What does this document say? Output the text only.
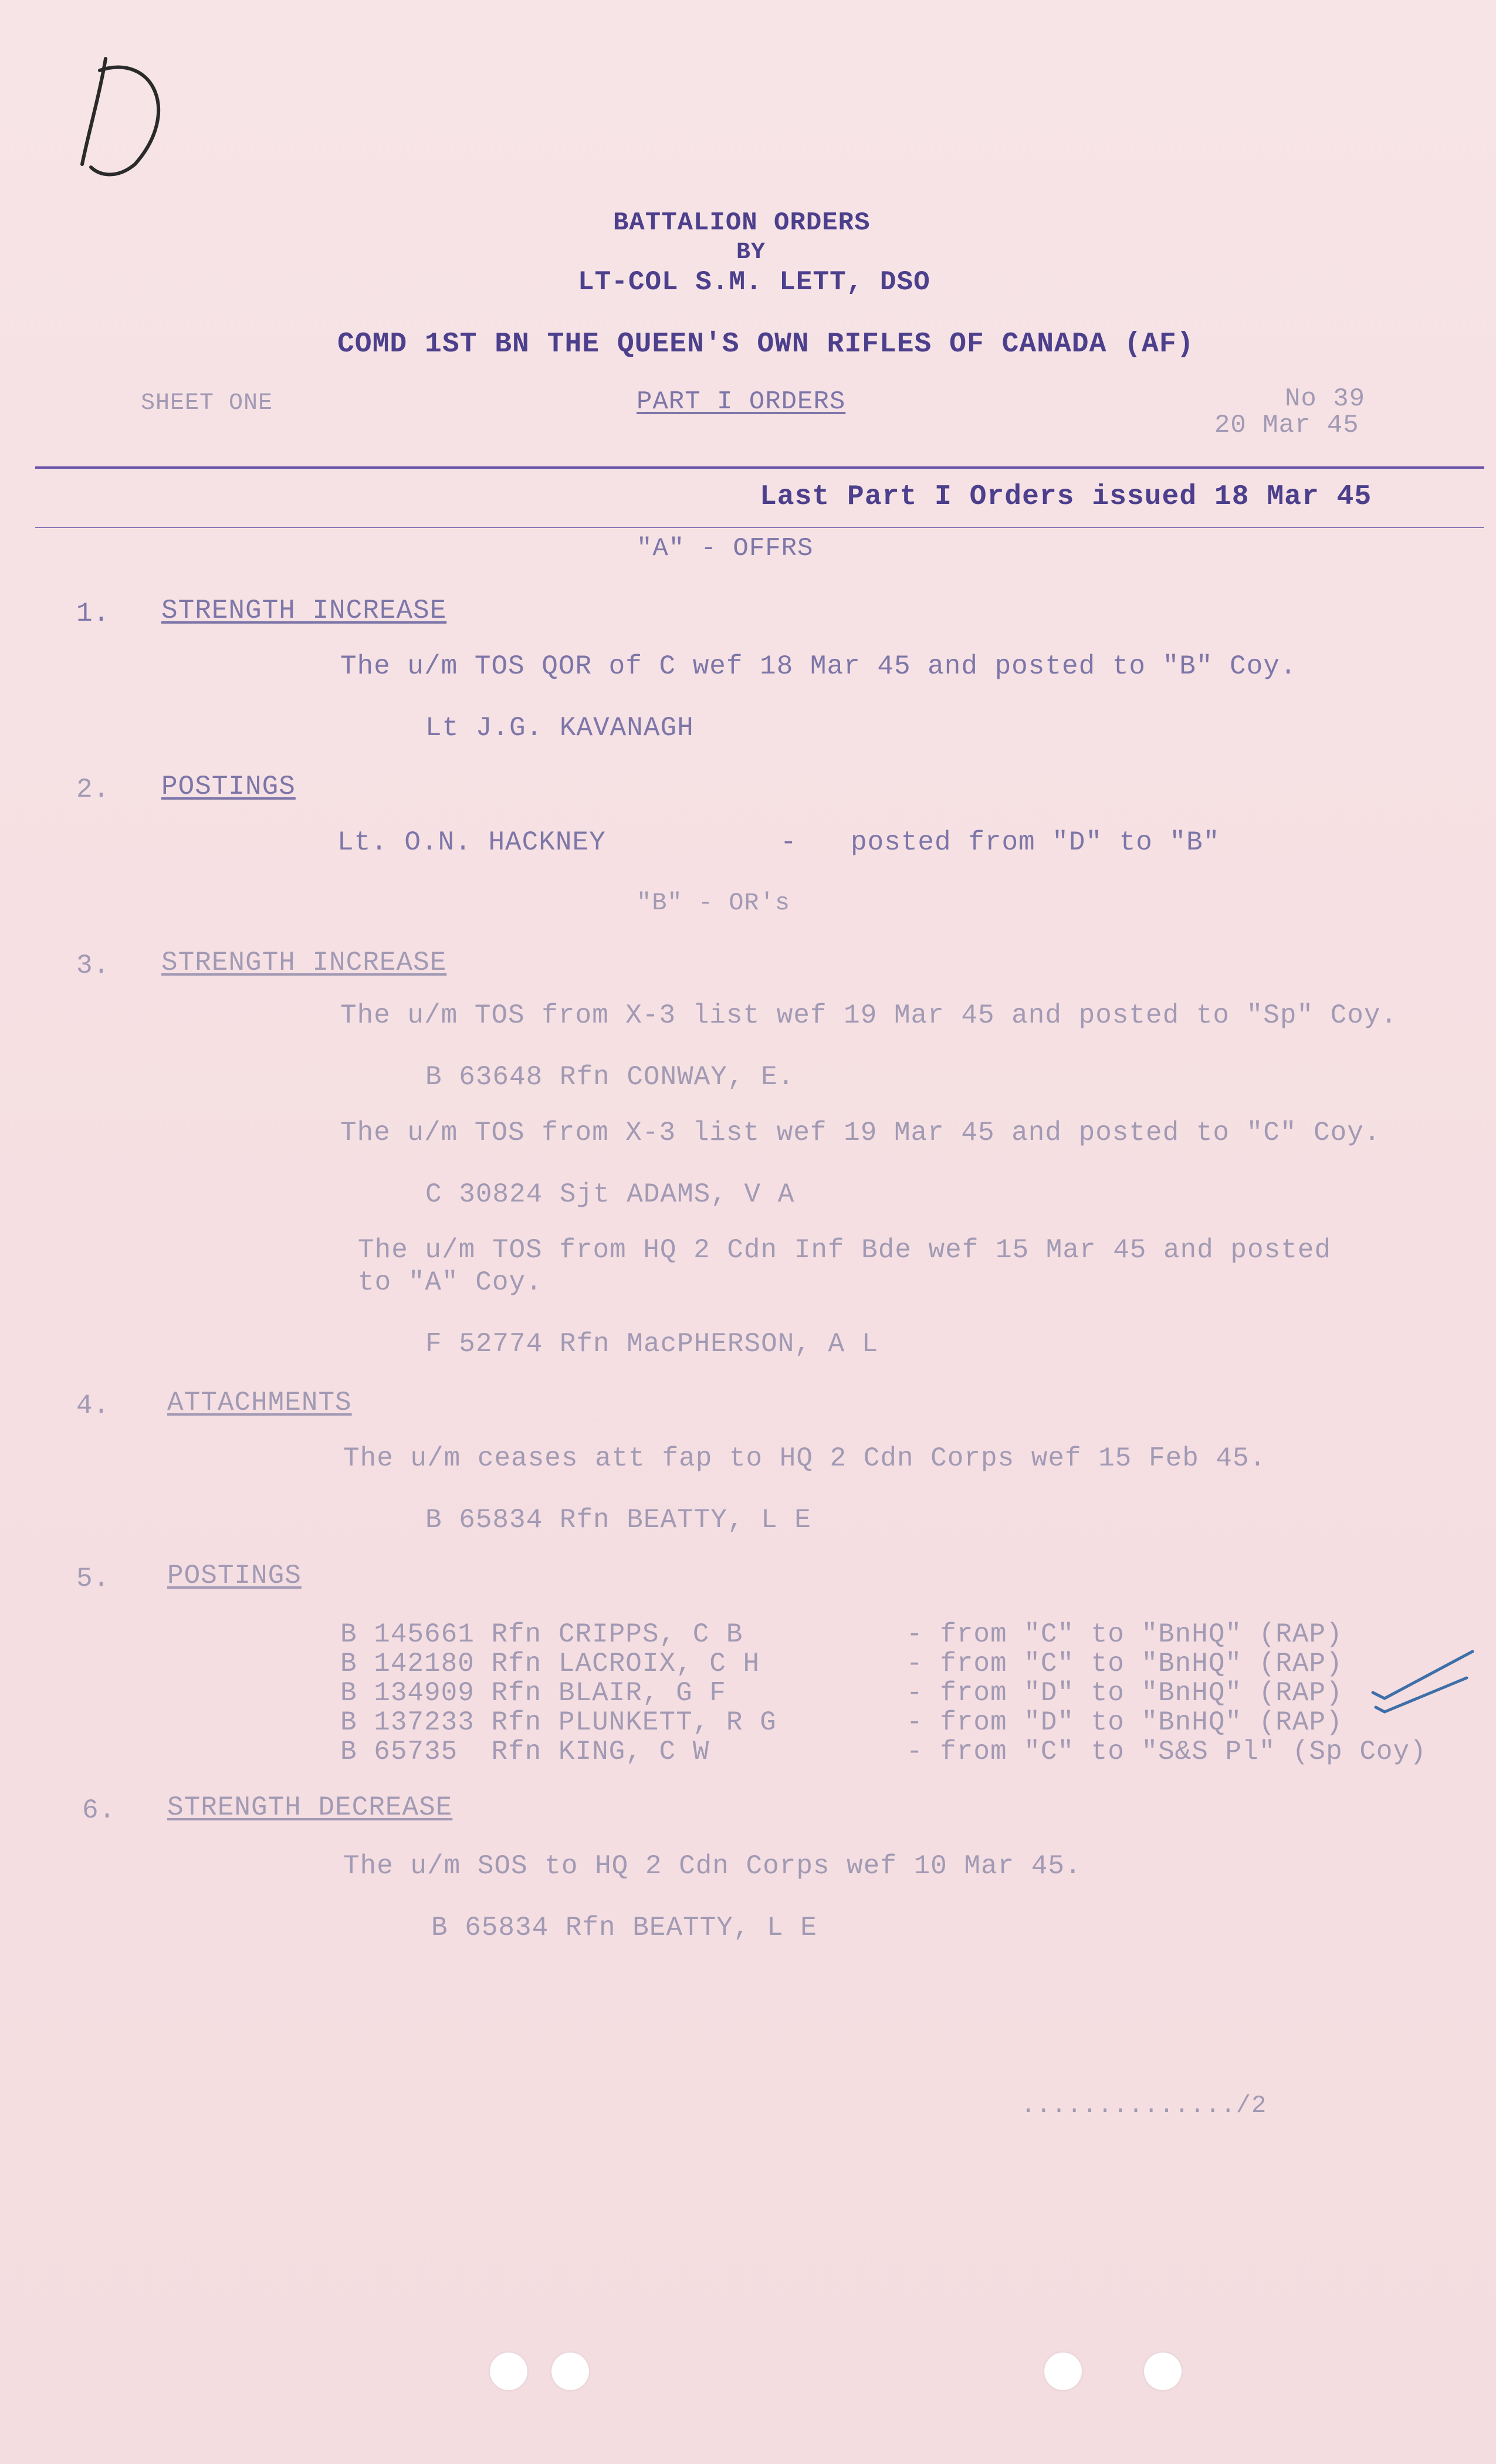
BATTALION ORDERS
BY
LT-COL S.M. LETT, DSO
COMD 1ST BN THE QUEEN'S OWN RIFLES OF CANADA (AF)
SHEET ONE	PART I ORDERS	No 39
20 Mar 45
Last Part I Orders issued 18 Mar 45
"A" - OFFRS
1. STRENGTH INCREASE
The u/m TOS QOR of C wef 18 Mar 45 and posted to "B" Coy.
Lt J.G. KAVANAGH
2. POSTINGS
Lt. O.N. HACKNEY	- posted from "D" to "B"
"B" - OR's
3. STRENGTH INCREASE
The u/m TOS from X-3 list wef 19 Mar 45 and posted to "Sp" Coy.
B 63648 Rfn CONWAY, E.
The u/m TOS from X-3 list wef 19 Mar 45 and posted to "C" Coy.
C 30824 Sjt ADAMS, V A
The u/m TOS from HQ 2 Cdn Inf Bde wef 15 Mar 45 and posted
to "A" Coy.
F 52774 Rfn MacPHERSON, A L
4. ATTACHMENTS
The u/m ceases att fap to HQ 2 Cdn Corps wef 15 Feb 45.
B 65834 Rfn BEATTY, L E
5. POSTINGS
B 145661 Rfn CRIPPS, C B	- from "C" to "BnHQ" (RAP)
B 142180 Rfn LACROIX, C H	- from "C" to "BnHQ" (RAP)
B 134909 Rfn BLAIR, G F	- from "D" to "BnHQ" (RAP)
B 137233 Rfn PLUNKETT, R G	- from "D" to "BnHQ" (RAP)
B 65735  Rfn KING, C W	- from "C" to "S&S Pl" (Sp Coy)
6. STRENGTH DECREASE
The u/m SOS to HQ 2 Cdn Corps wef 10 Mar 45.
B 65834 Rfn BEATTY, L E
............../2
